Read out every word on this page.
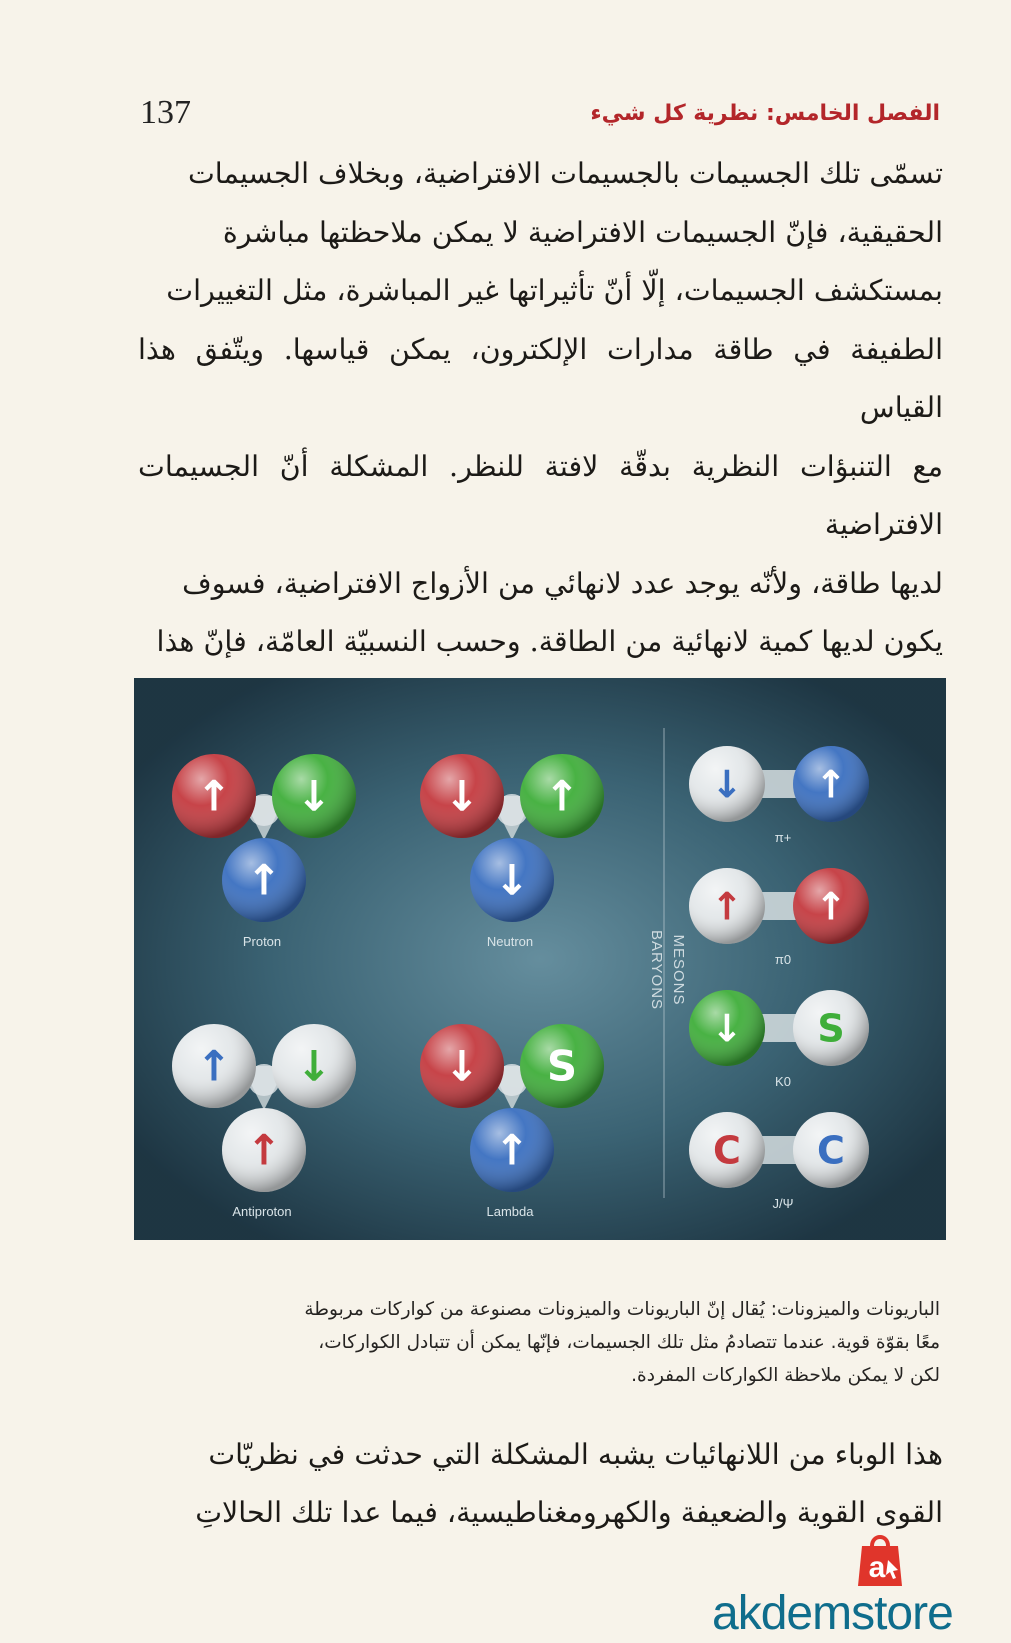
137	الفصل الخامس: نظرية كل شيء

تسمّى تلك الجسيمات بالجسيمات الافتراضية، وبخلاف الجسيمات

الحقيقية، فإنّ الجسيمات الافتراضية لا يمكن ملاحظتها مباشرة

بمستكشف الجسيمات، إلّا أنّ تأثيراتها غير المباشرة، مثل التغييرات

الطفيفة في طاقة مدارات الإلكترون، يمكن قياسها. ويتّفق هذا القياس

مع التنبؤات النظرية بدقّة لافتة للنظر. المشكلة أنّ الجسيمات الافتراضية

لديها طاقة، ولأنّه يوجد عدد لانهائي من الأزواج الافتراضية، فسوف

يكون لديها كمية لانهائية من الطاقة. وحسب النسبيّة العامّة، فإنّ هذا

BARYONS MESONS
↑ ↓
↑
Proton
↓ ↑
↓
Neutron
↑ ↓
↑
Antiproton
↓ S
↑
Lambda
↓ ↑
π+
↑ ↑
π0
↓ S
K0
C C
J/Ψ

الباريونات والميزونات: يُقال إنّ الباريونات والميزونات مصنوعة من كواركات مربوطة

معًا بقوّة قوية. عندما تتصادمُ مثل تلك الجسيمات، فإنّها يمكن أن تتبادل الكواركات،

لكن لا يمكن ملاحظة الكواركات المفردة.

هذا الوباء من اللانهائيات يشبه المشكلة التي حدثت في نظريّات

القوى القوية والضعيفة والكهرومغناطيسية، فيما عدا تلك الحالاتِ

a
akdemstore
